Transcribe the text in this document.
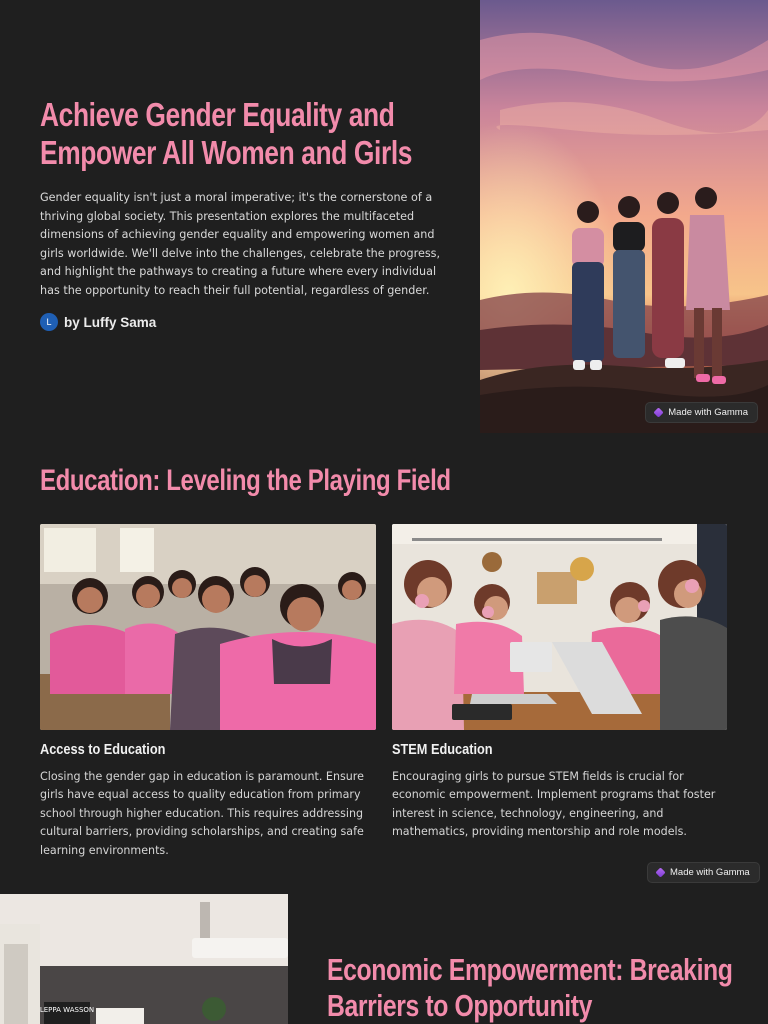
Achieve Gender Equality and Empower All Women and Girls

Gender equality isn't just a moral imperative; it's the cornerstone of a thriving global society. This presentation explores the multifaceted dimensions of achieving gender equality and empowering women and girls worldwide. We'll delve into the challenges, celebrate the progress, and highlight the pathways to creating a future where every individual has the opportunity to reach their full potential, regardless of gender.

L by Luffy Sama
Made with Gamma
Education: Leveling the Playing Field
Access to Education

Closing the gender gap in education is paramount. Ensure girls have equal access to quality education from primary school through higher education. This requires addressing cultural barriers, providing scholarships, and creating safe learning environments.

STEM Education

Encouraging girls to pursue STEM fields is crucial for economic empowerment. Implement programs that foster interest in science, technology, engineering, and mathematics, providing mentorship and role models.

Made with Gamma
LEPPA WASSON
Economic Empowerment: Breaking Barriers to Opportunity
